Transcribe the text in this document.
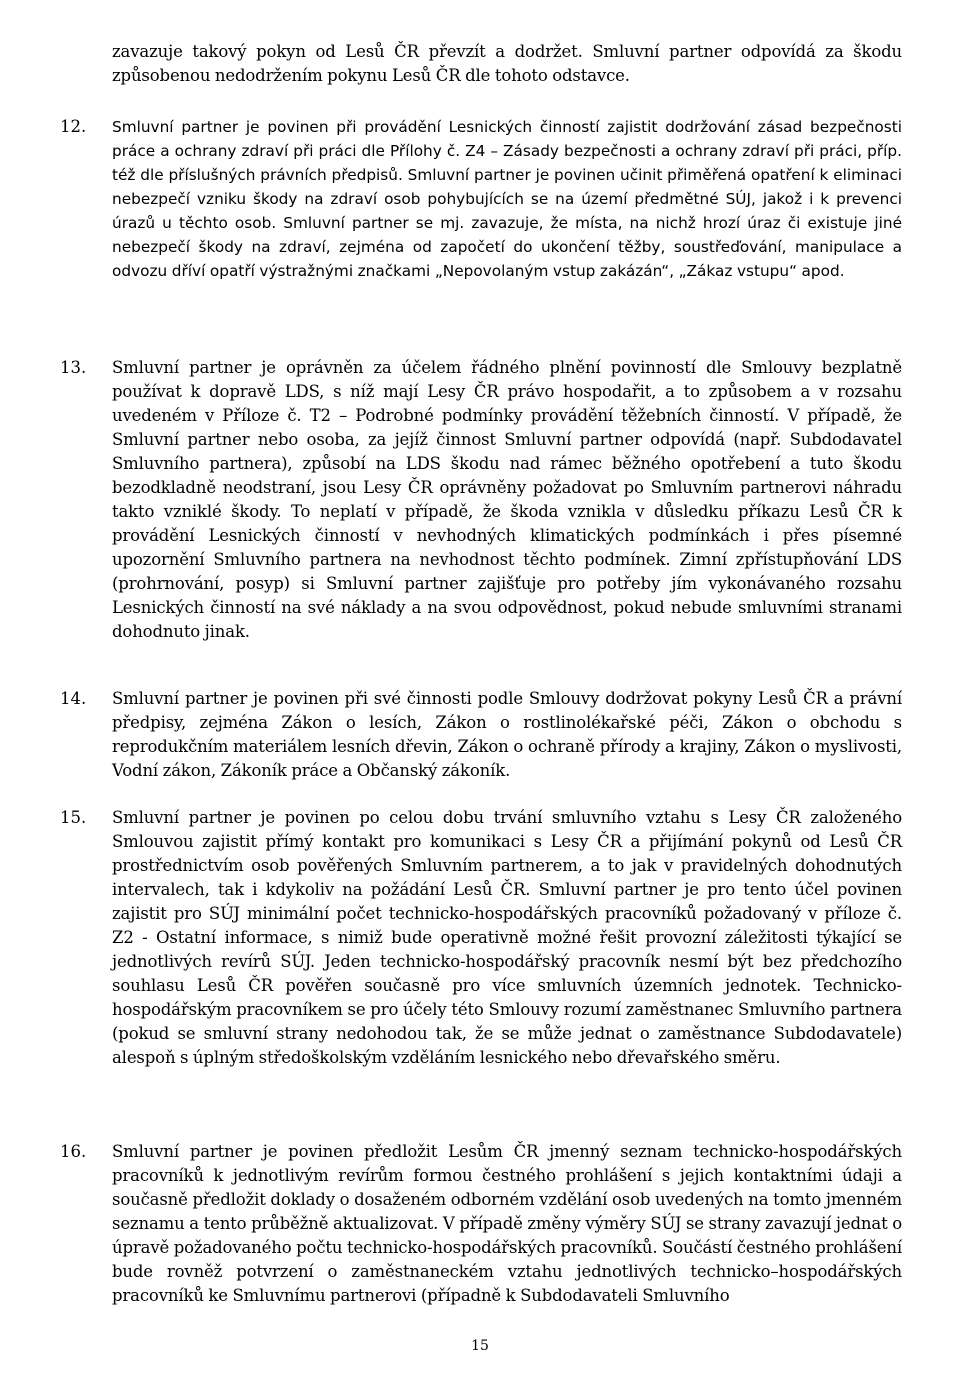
zavazuje takový pokyn od Lesů ČR převzít a dodržet. Smluvní partner odpovídá za škodu způsobenou nedodržením pokynu Lesů ČR dle tohoto odstavce.
12.	Smluvní partner je povinen při provádění Lesnických činností zajistit dodržování zásad bezpečnosti práce a ochrany zdraví při práci dle Přílohy č. Z4 – Zásady bezpečnosti a ochrany zdraví při práci, příp. též dle příslušných právních předpisů. Smluvní partner je povinen učinit přiměřená opatření k eliminaci nebezpečí vzniku škody na zdraví osob pohybujících se na území předmětné SÚJ, jakož i k prevenci úrazů u těchto osob. Smluvní partner se mj. zavazuje, že místa, na nichž hrozí úraz či existuje jiné nebezpečí škody na zdraví, zejména od započetí do ukončení těžby, soustřeďování, manipulace a odvozu dříví opatří výstražnými značkami „Nepovolaným vstup zakázán“, „Zákaz vstupu“ apod.
13.	Smluvní partner je oprávněn za účelem řádného plnění povinností dle Smlouvy bezplatně používat k dopravě LDS, s níž mají Lesy ČR právo hospodařit, a to způsobem a v rozsahu uvedeném v Příloze č. T2 – Podrobné podmínky provádění těžebních činností. V případě, že Smluvní partner nebo osoba, za jejíž činnost Smluvní partner odpovídá (např. Subdodavatel Smluvního partnera), způsobí na LDS škodu nad rámec běžného opotřebení a tuto škodu bezodkladně neodstraní, jsou Lesy ČR oprávněny požadovat po Smluvním partnerovi náhradu takto vzniklé škody. To neplatí v případě, že škoda vznikla v důsledku příkazu Lesů ČR k provádění Lesnických činností v nevhodných klimatických podmínkách i přes písemné upozornění Smluvního partnera na nevhodnost těchto podmínek. Zimní zpřístupňování LDS (prohrnování, posyp) si Smluvní partner zajišťuje pro potřeby jím vykonávaného rozsahu Lesnických činností na své náklady a na svou odpovědnost, pokud nebude smluvními stranami dohodnuto jinak.
14.	Smluvní partner je povinen při své činnosti podle Smlouvy dodržovat pokyny Lesů ČR a právní předpisy, zejména Zákon o lesích, Zákon o rostlinolékařské péči, Zákon o obchodu s reprodukčním materiálem lesních dřevin, Zákon o ochraně přírody a krajiny, Zákon o myslivosti, Vodní zákon, Zákoník práce a Občanský zákoník.
15.	Smluvní partner je povinen po celou dobu trvání smluvního vztahu s Lesy ČR založeného Smlouvou zajistit přímý kontakt pro komunikaci s Lesy ČR a přijímání pokynů od Lesů ČR prostřednictvím osob pověřených Smluvním partnerem, a to jak v pravidelných dohodnutých intervalech, tak i kdykoliv na požádání Lesů ČR. Smluvní partner je pro tento účel povinen zajistit pro SÚJ minimální počet technicko-hospodářských pracovníků požadovaný v příloze č. Z2 - Ostatní informace, s nimiž bude operativně možné řešit provozní záležitosti týkající se jednotlivých revírů SÚJ. Jeden technicko-hospodářský pracovník nesmí být bez předchozího souhlasu Lesů ČR pověřen současně pro více smluvních územních jednotek. Technicko-hospodářským pracovníkem se pro účely této Smlouvy rozumí zaměstnanec Smluvního partnera (pokud se smluvní strany nedohodou tak, že se může jednat o zaměstnance Subdodavatele) alespoň s úplným středoškolským vzděláním lesnického nebo dřevařského směru.
16.	Smluvní partner je povinen předložit Lesům ČR jmenný seznam technicko-hospodářských pracovníků k jednotlivým revírům formou čestného prohlášení s jejich kontaktními údaji a současně předložit doklady o dosaženém odborném vzdělání osob uvedených na tomto jmenném seznamu a tento průběžně aktualizovat. V případě změny výměry SÚJ se strany zavazují jednat o úpravě požadovaného počtu technicko-hospodářských pracovníků. Součástí čestného prohlášení bude rovněž potvrzení o zaměstnaneckém vztahu jednotlivých technicko–hospodářských pracovníků ke Smluvnímu partnerovi (případně k Subdodavateli Smluvního
15
